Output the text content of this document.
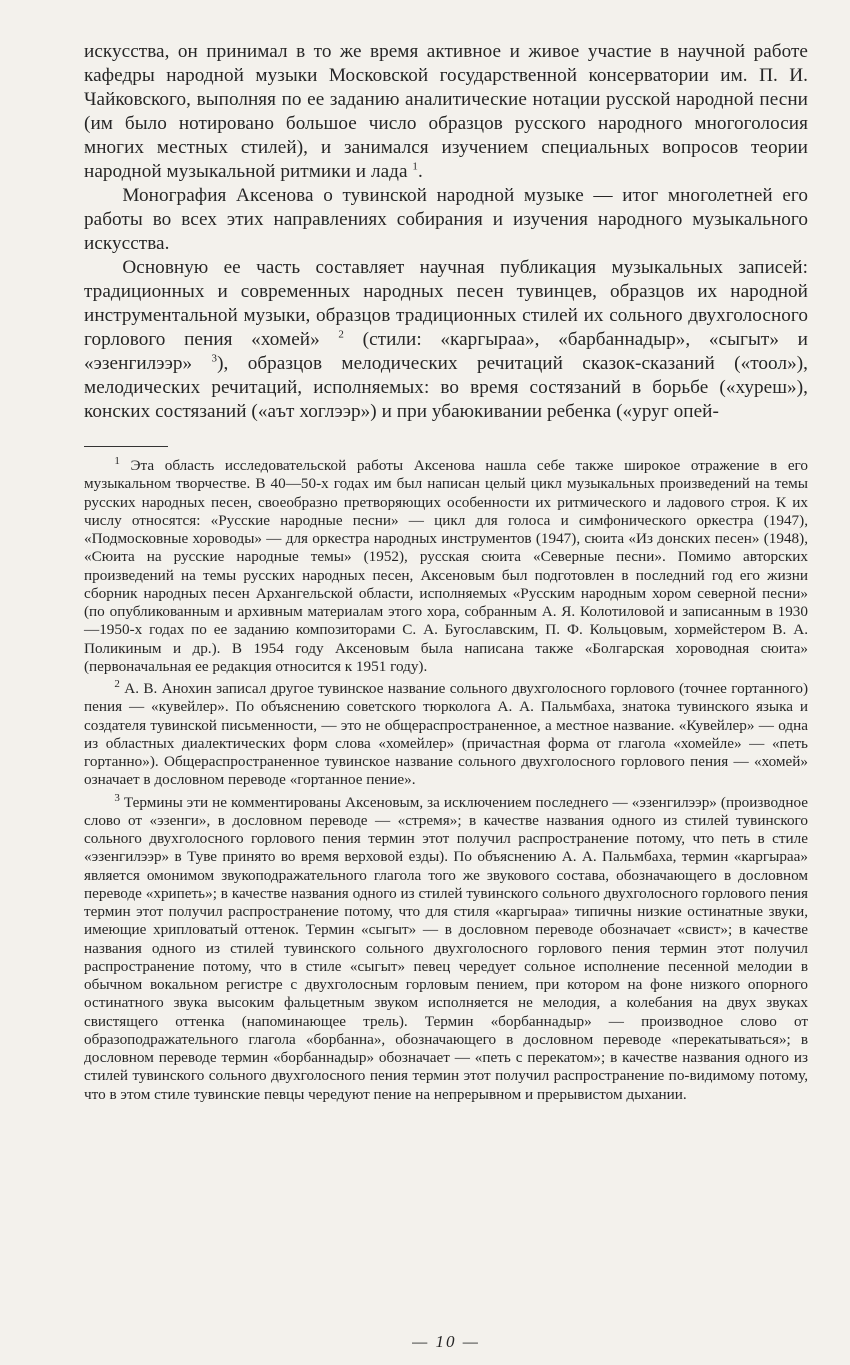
искусства, он принимал в то же время активное и живое участие в научной работе кафедры народной музыки Московской государственной консерватории им. П. И. Чайковского, выполняя по ее заданию аналитические нотации русской народной песни (им было нотировано большое число образцов русского народного многоголосия многих местных стилей), и занимался изучением специальных вопросов теории народной музыкальной ритмики и лада $^1$.

Монография Аксенова о тувинской народной музыке — итог многолетней его работы во всех этих направлениях собирания и изучения народного музыкального искусства.

Основную ее часть составляет научная публикация музыкальных записей: традиционных и современных народных песен тувинцев, образцов их народной инструментальной музыки, образцов традиционных стилей их сольного двухголосного горлового пения «хомей» $^2$ (стили: «каргыраа», «барбаннадыр», «сыгыт» и «эзенгилээр» $^3$), образцов мелодических речитаций сказок-сказаний («тоол»), мелодических речитаций, исполняемых: во время состязаний в борьбе («хуреш»), конских состязаний («аът хоглээр») и при убаюкивании ребенка («уруг опей-

$^1$ Эта область исследовательской работы Аксенова нашла себе также широкое отражение в его музыкальном творчестве. В 40—50-х годах им был написан целый цикл музыкальных произведений на темы русских народных песен, своеобразно претворяющих особенности их ритмического и ладового строя. К их числу относятся: «Русские народные песни» — цикл для голоса и симфонического оркестра (1947), «Подмосковные хороводы» — для оркестра народных инструментов (1947), сюита «Из донских песен» (1948), «Сюита на русские народные темы» (1952), русская сюита «Северные песни». Помимо авторских произведений на темы русских народных песен, Аксеновым был подготовлен в последний год его жизни сборник народных песен Архангельской области, исполняемых «Русским народным хором северной песни» (по опубликованным и архивным материалам этого хора, собранным А. Я. Колотиловой и записанным в 1930—1950-х годах по ее заданию композиторами С. А. Бугославским, П. Ф. Кольцовым, хормейстером В. А. Поликиным и др.). В 1954 году Аксеновым была написана также «Болгарская хороводная сюита» (первоначальная ее редакция относится к 1951 году).

$^2$ А. В. Анохин записал другое тувинское название сольного двухголосного горлового (точнее гортанного) пения — «кувейлер». По объяснению советского тюрколога А. А. Пальмбаха, знатока тувинского языка и создателя тувинской письменности, — это не общераспространенное, а местное название. «Кувейлер» — одна из областных диалектических форм слова «хомейлер» (причастная форма от глагола «хомейле» — «петь гортанно»). Общераспространенное тувинское название сольного двухголосного горлового пения — «хомей» означает в дословном переводе «гортанное пение».

$^3$ Термины эти не комментированы Аксеновым, за исключением последнего — «эзенгилээр» (производное слово от «эзенги», в дословном переводе — «стремя»; в качестве названия одного из стилей тувинского сольного двухголосного горлового пения термин этот получил распространение потому, что петь в стиле «эзенгилээр» в Туве принято во время верховой езды). По объяснению А. А. Пальмбаха, термин «каргыраа» является омонимом звукоподражательного глагола того же звукового состава, обозначающего в дословном переводе «хрипеть»; в качестве названия одного из стилей тувинского сольного двухголосного горлового пения термин этот получил распространение потому, что для стиля «каргыраа» типичны низкие остинатные звуки, имеющие хрипловатый оттенок. Термин «сыгыт» — в дословном переводе обозначает «свист»; в качестве названия одного из стилей тувинского сольного двухголосного горлового пения термин этот получил распространение потому, что в стиле «сыгыт» певец чередует сольное исполнение песенной мелодии в обычном вокальном регистре с двухголосным горловым пением, при котором на фоне низкого опорного остинатного звука высоким фальцетным звуком исполняется не мелодия, а колебания на двух звуках свистящего оттенка (напоминающее трель). Термин «борбаннадыр» — производное слово от образоподражательного глагола «борбанна», обозначающего в дословном переводе «перекатываться»; в дословном переводе термин «борбаннадыр» обозначает — «петь с перекатом»; в качестве названия одного из стилей тувинского сольного двухголосного пения термин этот получил распространение по-видимому потому, что в этом стиле тувинские певцы чередуют пение на непрерывном и прерывистом дыхании.

— 10 —
